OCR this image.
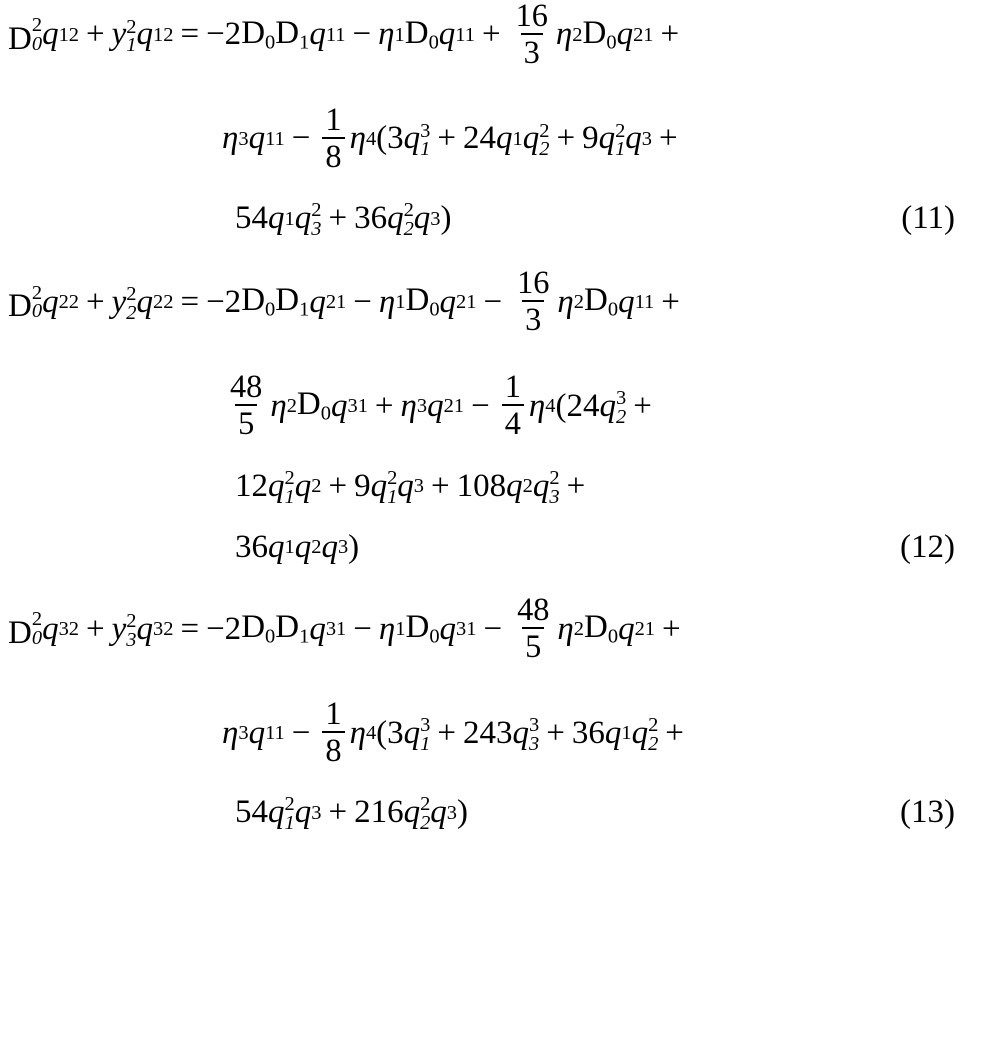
D 2
0 q 12 + y 2
1 q 12 = −2 $D_0D_1$ q 11 − η 1 $D_0$ q $11 + \frac{16}{3}$ η 2 $D_0$ q 21 +
η 3 q $11 - \frac{1}{8}$ η 4 (3 q 3
1 + 24 q 1 q 2
2 + 9 q 2
1 q 3 +
54 q 1 q 2
3 + 36 q 2
2 q 3 )	(11)
D 2
0 q 22 + y 2
2 q 22 = −2 $D_0D_1$ q 21 − η 1 $D_0$ q $21 - \frac{16}{3}$ η 2 $D_0$ q 11 +
$\frac{48}{5}$ η 2 $D_0$ q 31 + η 3 q $21 - \frac{1}{4}$ η 4 (24 q 3
2 +
12 q 2
1 q 2 + 9 q 2
1 q 3 + 108 q 2 q 2
3 +
36 q 1 q 2 q 3 )	(12)
D 2
0 q 32 + y 2
3 q 32 = −2 $D_0D_1$ q 31 − η 1 $D_0$ q $31 - \frac{48}{5}$ η 2 $D_0$ q 21 +
η 3 q $11 - \frac{1}{8}$ η 4 (3 q 3
1 + 243 q 3
3 + 36 q 1 q 2
2 +
54 q 2
1 q 3 + 216 q 2
2 q 3 )	(13)
